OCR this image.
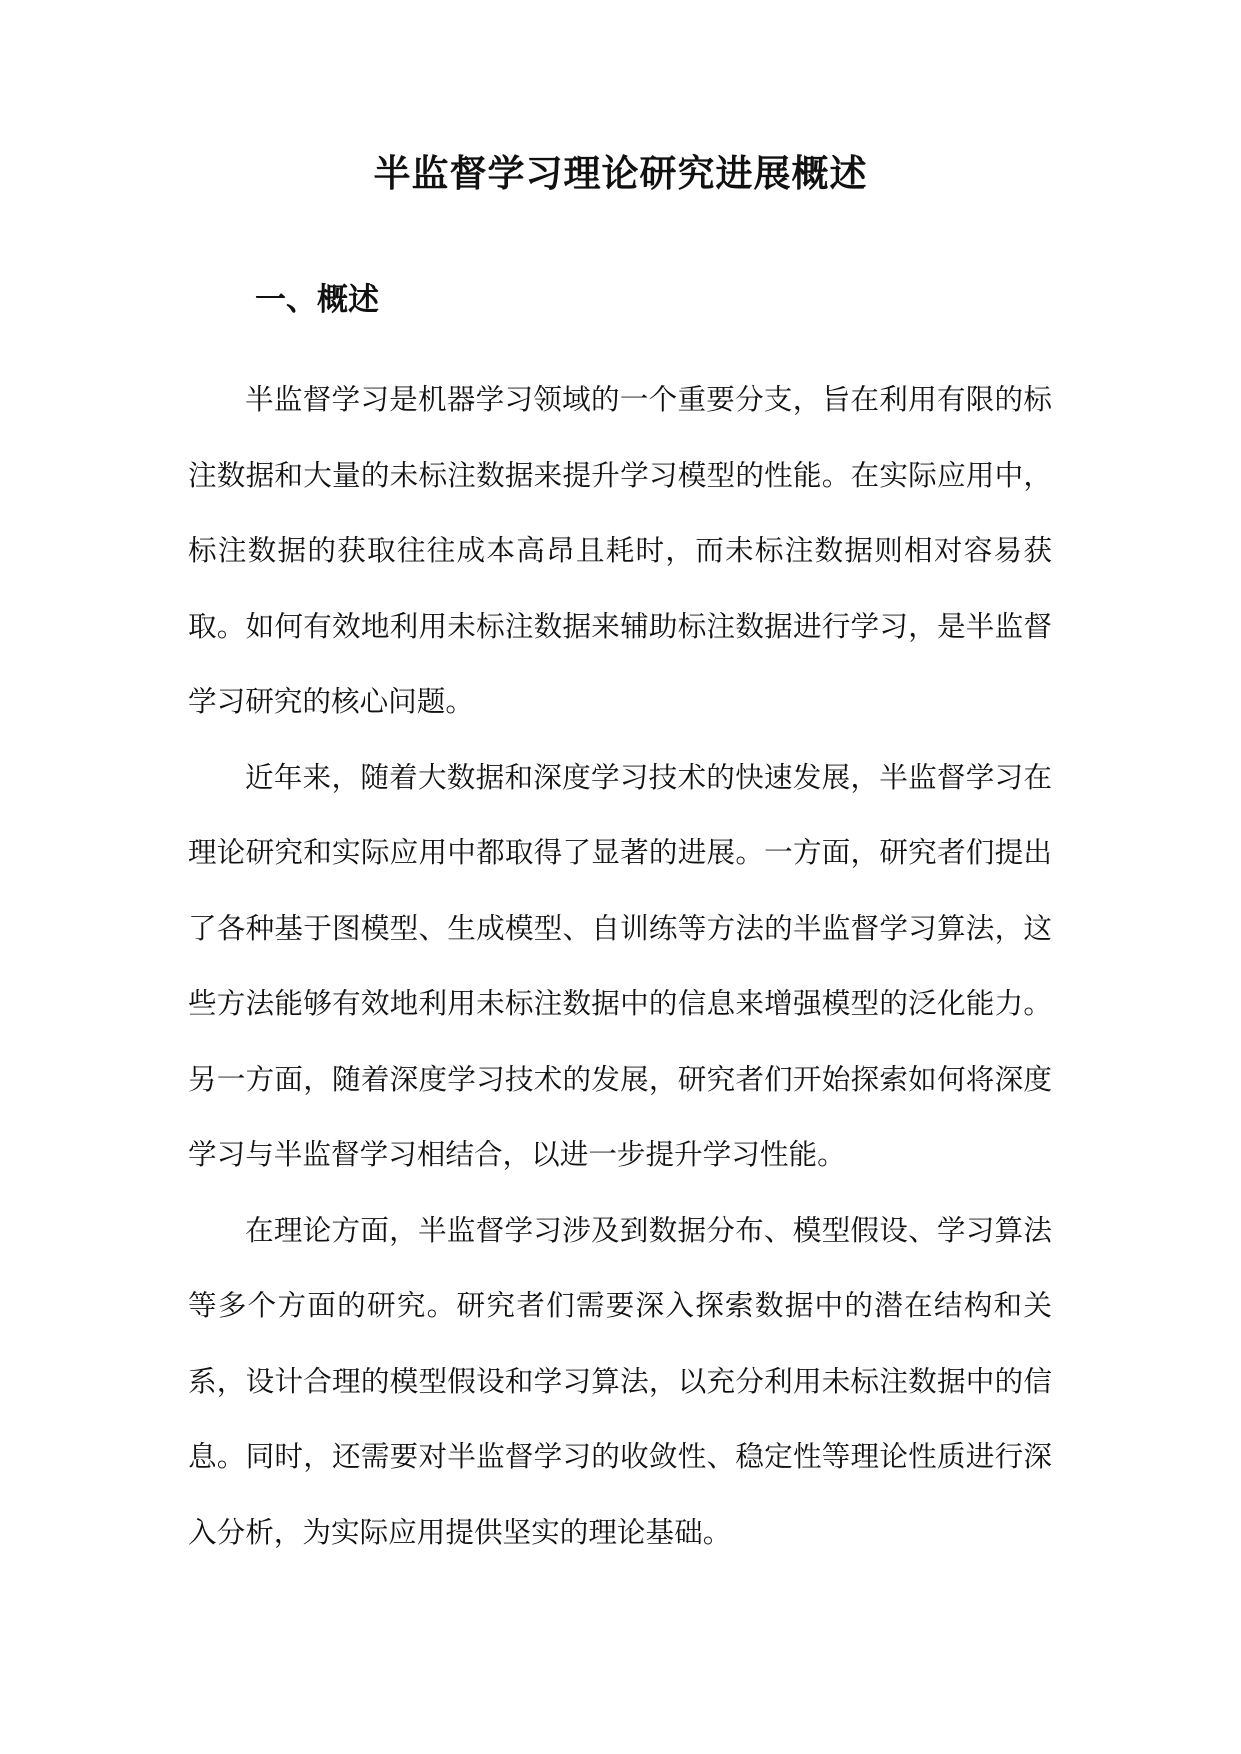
半监督学习理论研究进展概述
一、概述

半监督学习是机器学习领域的一个重要分支，旨在利用有限的标注数据和大量的未标注数据来提升学习模型的性能。在实际应用中，标注数据的获取往往成本高昂且耗时，而未标注数据则相对容易获取。如何有效地利用未标注数据来辅助标注数据进行学习，是半监督学习研究的核心问题。

近年来，随着大数据和深度学习技术的快速发展，半监督学习在理论研究和实际应用中都取得了显著的进展。一方面，研究者们提出了各种基于图模型、生成模型、自训练等方法的半监督学习算法，这些方法能够有效地利用未标注数据中的信息来增强模型的泛化能力。另一方面，随着深度学习技术的发展，研究者们开始探索如何将深度学习与半监督学习相结合，以进一步提升学习性能。

在理论方面，半监督学习涉及到数据分布、模型假设、学习算法等多个方面的研究。研究者们需要深入探索数据中的潜在结构和关系，设计合理的模型假设和学习算法，以充分利用未标注数据中的信息。同时，还需要对半监督学习的收敛性、稳定性等理论性质进行深入分析，为实际应用提供坚实的理论基础。
